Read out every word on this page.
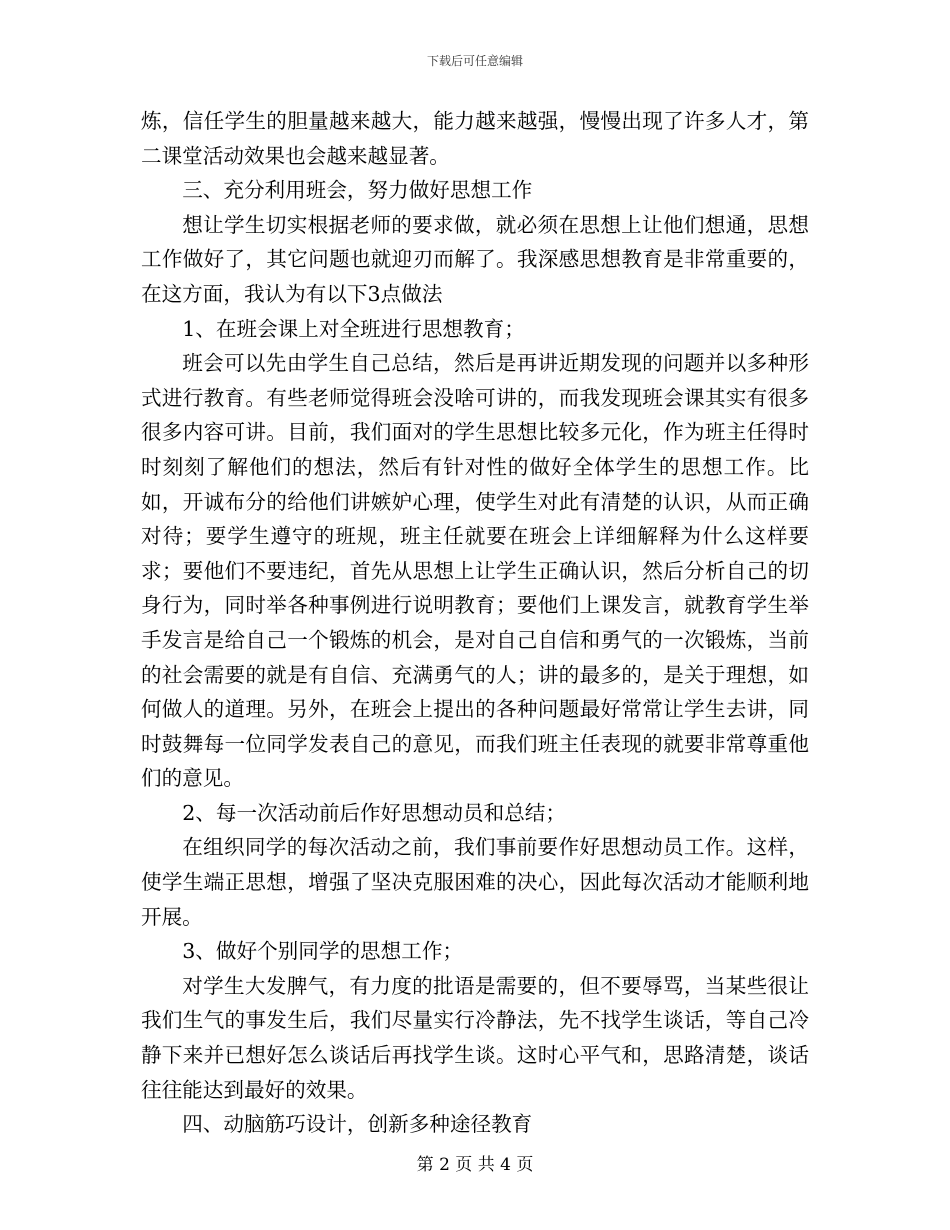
下载后可任意编辑

炼，信任学生的胆量越来越大，能力越来越强，慢慢出现了许多人才，第二课堂活动效果也会越来越显著。

三、充分利用班会，努力做好思想工作

想让学生切实根据老师的要求做，就必须在思想上让他们想通，思想工作做好了，其它问题也就迎刃而解了。我深感思想教育是非常重要的，在这方面，我认为有以下3点做法

1、在班会课上对全班进行思想教育；

班会可以先由学生自己总结，然后是再讲近期发现的问题并以多种形式进行教育。有些老师觉得班会没啥可讲的，而我发现班会课其实有很多很多内容可讲。目前，我们面对的学生思想比较多元化，作为班主任得时时刻刻了解他们的想法，然后有针对性的做好全体学生的思想工作。比如，开诚布分的给他们讲嫉妒心理，使学生对此有清楚的认识，从而正确对待；要学生遵守的班规，班主任就要在班会上详细解释为什么这样要求；要他们不要违纪，首先从思想上让学生正确认识，然后分析自己的切身行为，同时举各种事例进行说明教育；要他们上课发言，就教育学生举手发言是给自己一个锻炼的机会，是对自己自信和勇气的一次锻炼，当前的社会需要的就是有自信、充满勇气的人；讲的最多的，是关于理想，如何做人的道理。另外，在班会上提出的各种问题最好常常让学生去讲，同时鼓舞每一位同学发表自己的意见，而我们班主任表现的就要非常尊重他们的意见。

2、每一次活动前后作好思想动员和总结；

在组织同学的每次活动之前，我们事前要作好思想动员工作。这样，使学生端正思想，增强了坚决克服困难的决心，因此每次活动才能顺利地开展。

3、做好个别同学的思想工作；

对学生大发脾气，有力度的批语是需要的，但不要辱骂，当某些很让我们生气的事发生后，我们尽量实行冷静法，先不找学生谈话，等自己冷静下来并已想好怎么谈话后再找学生谈。这时心平气和，思路清楚，谈话往往能达到最好的效果。

四、动脑筋巧设计，创新多种途径教育

第 2 页 共 4 页
